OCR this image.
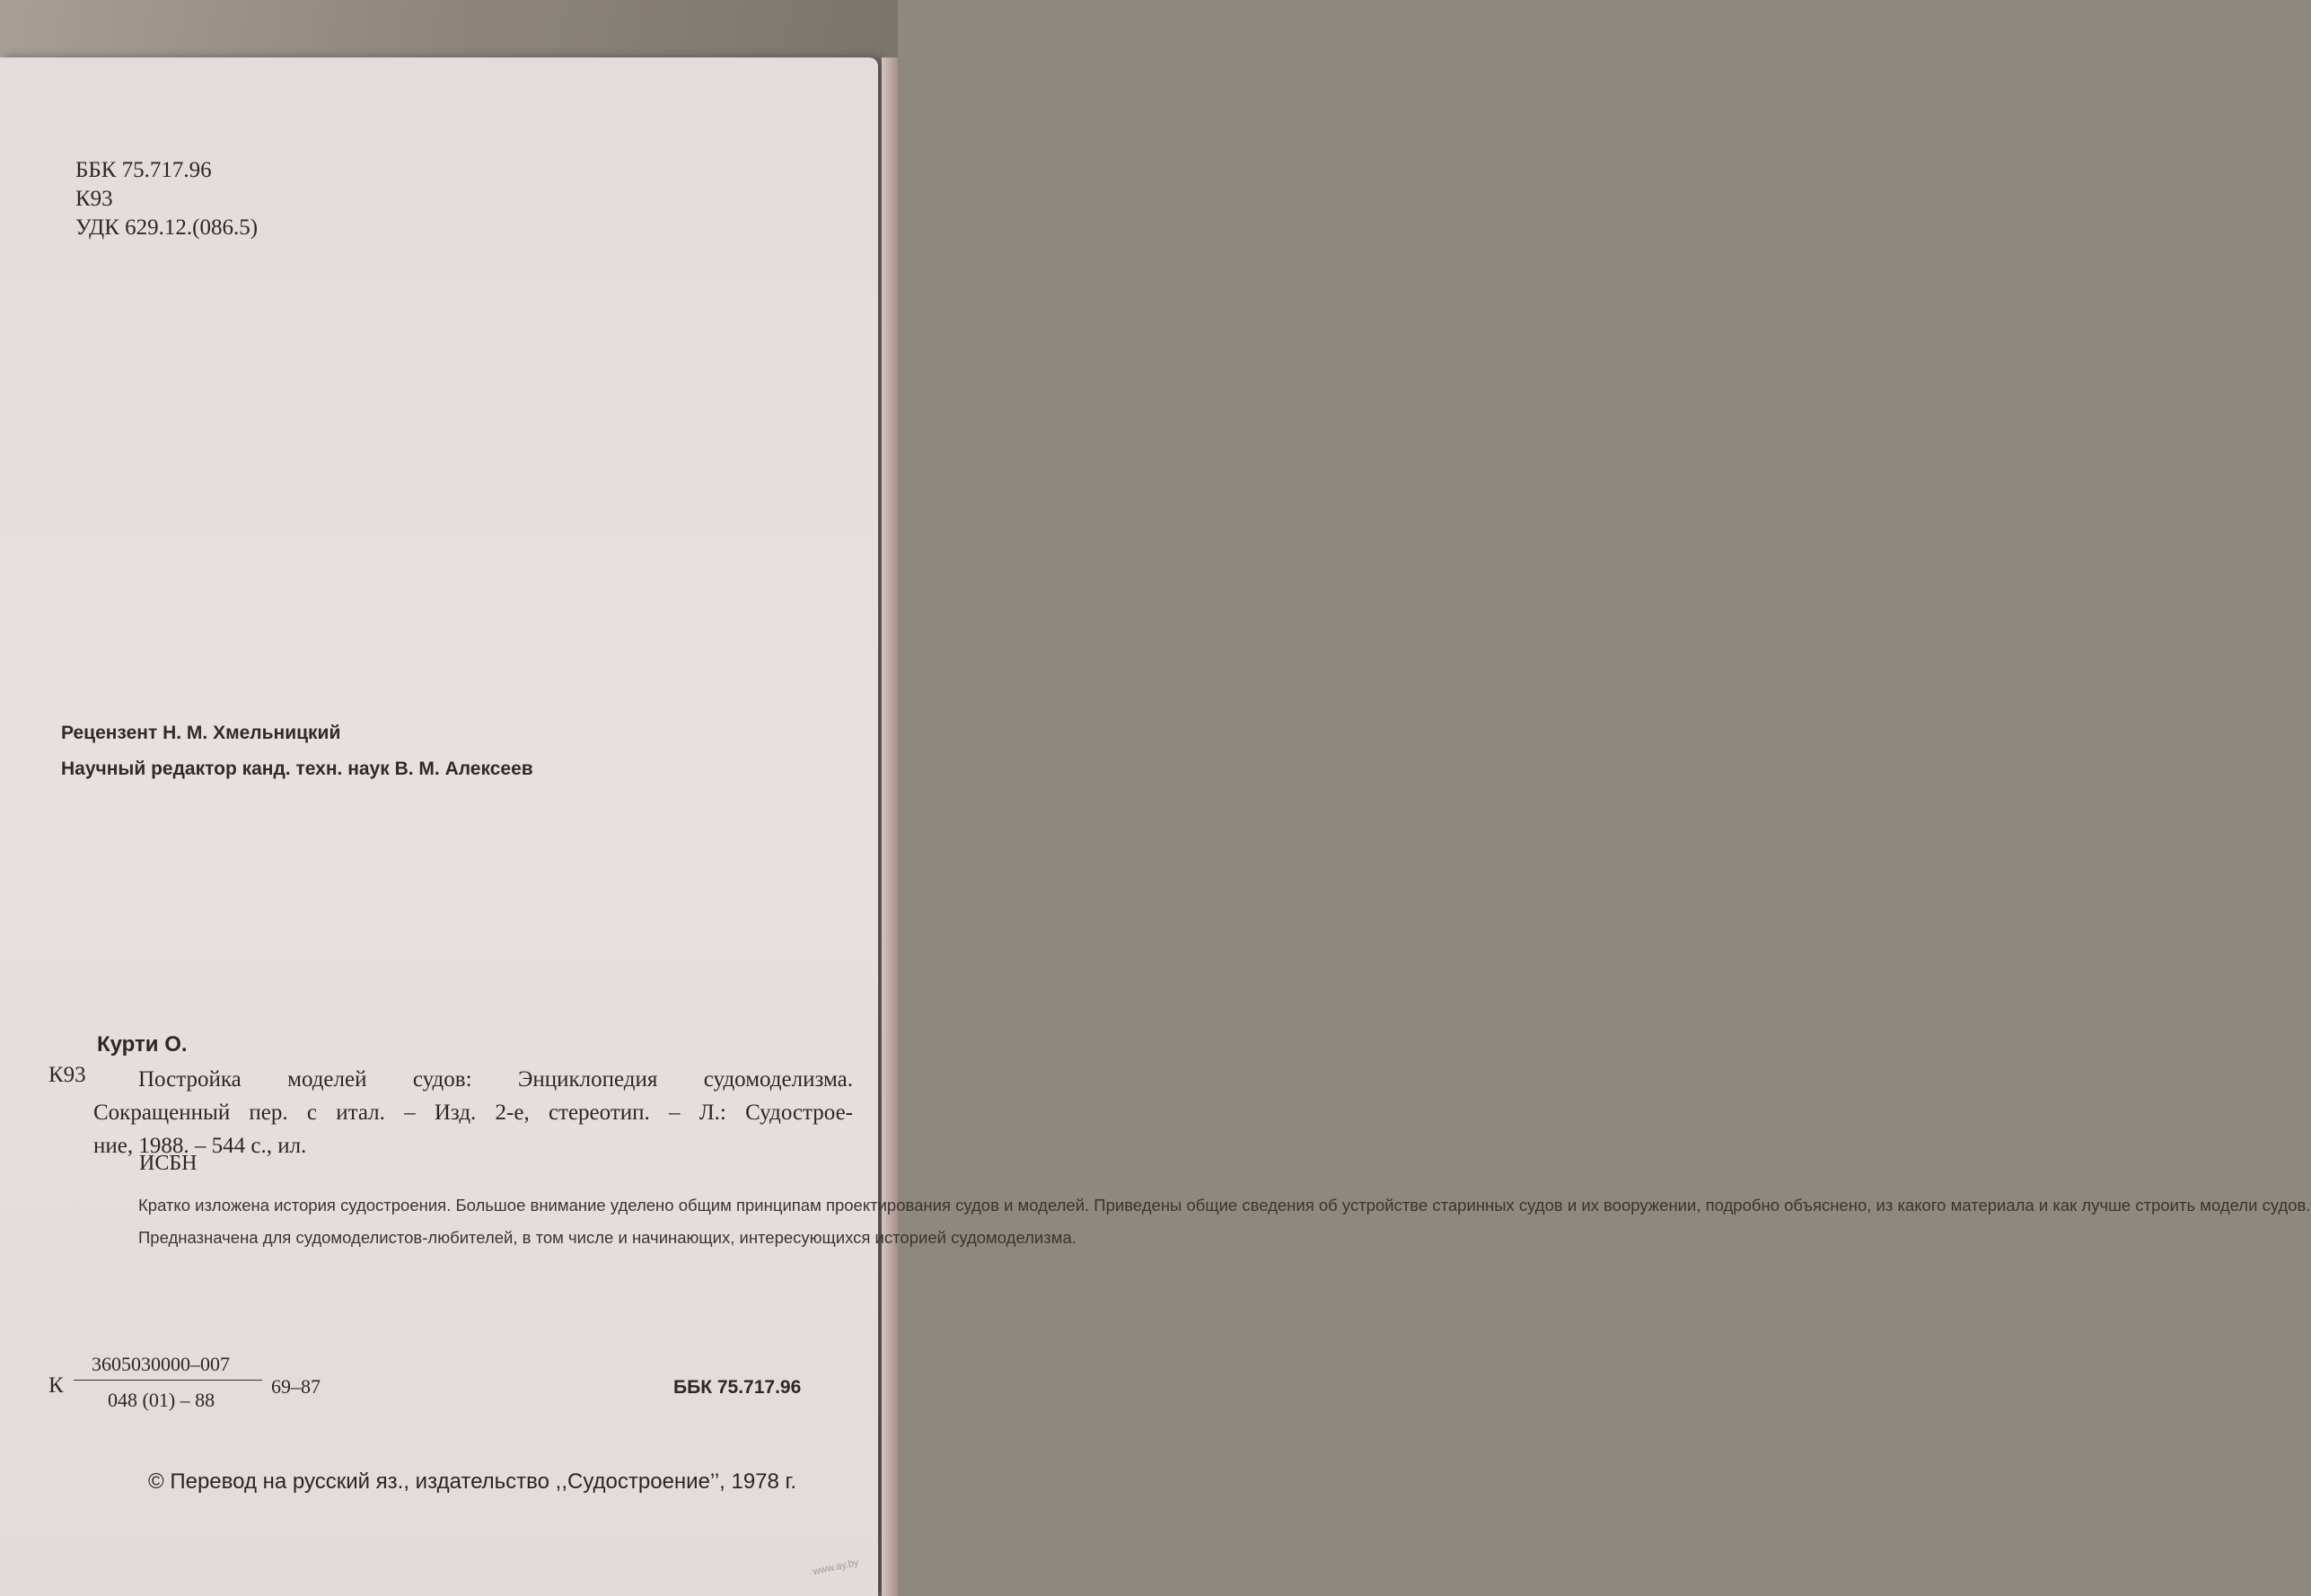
ББК 75.717.96
К93
УДК 629.12.(086.5)
Рецензент Н. М. Хмельницкий
Научный редактор канд. техн. наук В. М. Алексеев
Курти О.
К93	Постройка моделей судов: Энциклопедия судомоделизма.
Сокращенный пер. с итал. – Изд. 2-е, стереотип. – Л.: Судострое-
ние, 1988. – 544 с., ил.
ИСБН

Кратко изложена история судостроения. Большое внимание уделено общим принципам проектирования судов и моделей. Приведены общие сведения об устройстве старинных судов и их вооружении, подробно объяснено, из какого материала и как лучше строить модели судов.

Предназначена для судомоделистов-любителей, в том числе и начинающих, интересующихся историей судомоделизма.

К
3605030000–007
048 (01) – 88
69–87	ББК 75.717.96
© Перевод на русский яз., издательство ,,Судостроение’’, 1978 г.
www.ay.by
